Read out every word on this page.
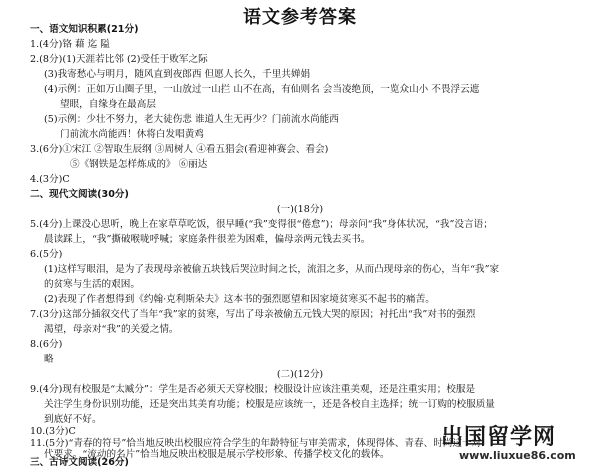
语文参考答案
一、语文知识积累(21分)
1.(4分)铬 藉 迄 隘
2.(8分)(1)天涯若比邻 (2)受任于败军之际
(3)我寄愁心与明月，随风直到夜郎西 但愿人长久，千里共婵娟
(4)示例：正如万山圈子里，一山放过一山拦 山不在高，有仙则名 会当凌绝顶，一览众山小 不畏浮云遮
望眼，自缘身在最高层
(5)示例：少壮不努力，老大徒伤悲 谁道人生无再少？门前流水尚能西
门前流水尚能西！休将白发唱黄鸡
3.(6分)①宋江 ②智取生辰纲 ③周树人 ④看五猖会(看迎神赛会、看会)
⑤《钢铁是怎样炼成的》 ⑥丽达
4.(3分)C
二、现代文阅读(30分)
(一)(18分)
5.(4分)上课没心思听，晚上在家草草吃饭，很早睡(“我”变得很“倦怠”)；母亲问“我”身体状况，“我”没言语；
晨读踩上，“我”撕破喉咙呼喊；家庭条件很差为困难，偏母亲两元钱去买书。
6.(5分)
(1)这样写眼泪，是为了表现母亲被偷五块钱后哭泣时间之长，流泪之多，从而凸现母亲的伤心，当年“我”家
的贫寒与生活的艰困。
(2)表现了作者想得到《约翰·克利斯朵夫》这本书的强烈愿望和因家境贫寒买不起书的痛苦。
7.(3分)这部分插叙交代了当年“我”家的贫寒，写出了母亲被偷五元钱大哭的原因；衬托出“我”对书的强烈
渴望，母亲对“我”的关爱之情。
8.(6分)
略
(二)(12分)
9.(4分)现有校服是“太臧分”：学生是否必须天天穿校服；校服设计应该注重美观，还是注重实用；校服是
关注学生身份识别功能，还是突出其美育功能；校服是应该统一，还是各校自主选择；统一订购的校服质量
到底好不好。
10.(3分)C
11.(5分)“青春的符号”恰当地反映出校服应符合学生的年龄特征与审美需求，体现得体、青春、时尚这一对
代要求。“流动的名片”恰当地反映出校服是展示学校形象、传播学校文化的载体。
三、古诗文阅读(26分)
出国留学网
www.liuxue86.com
